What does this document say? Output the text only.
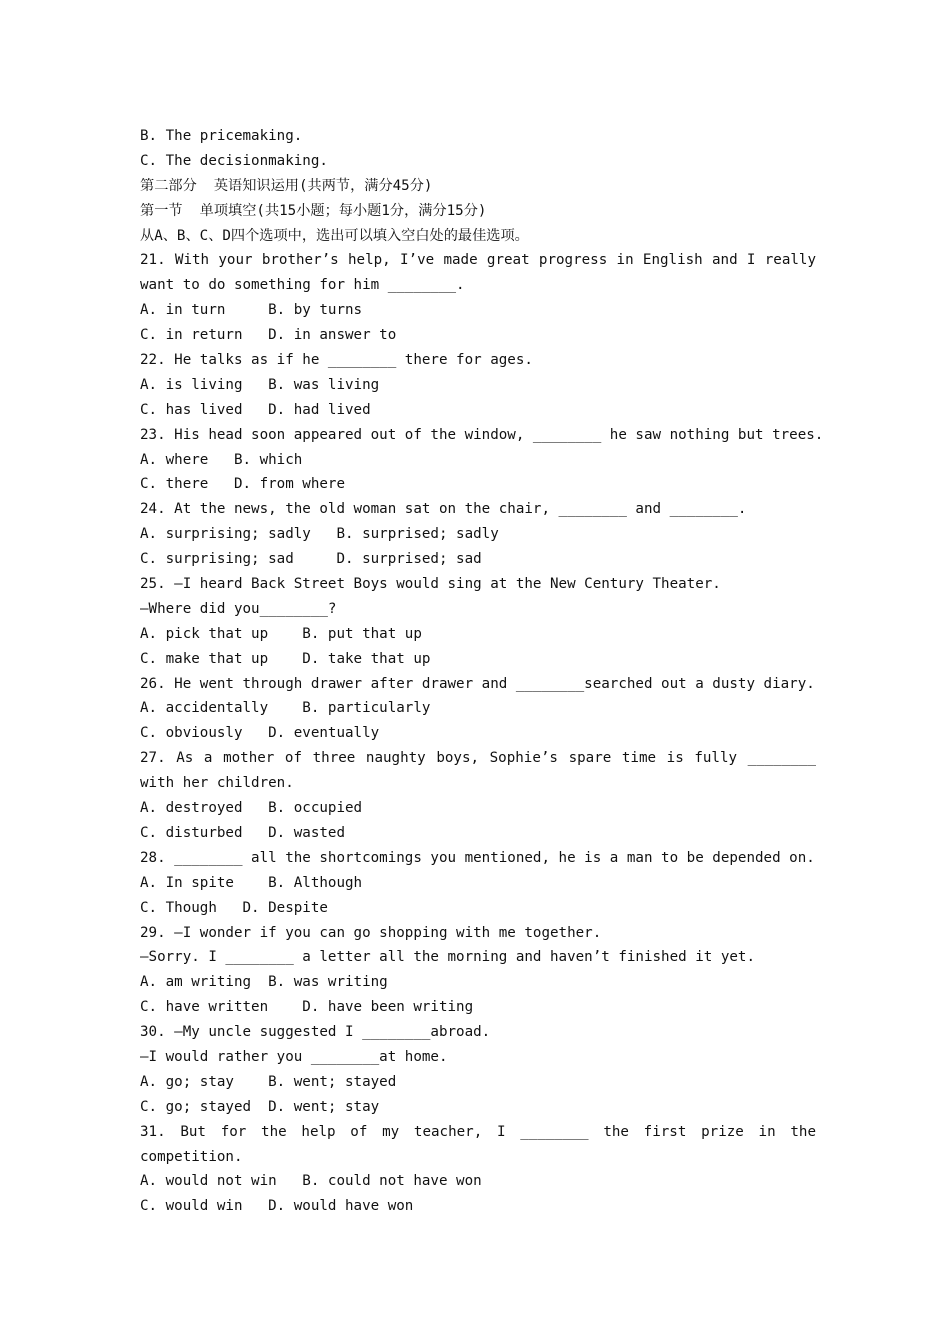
B. The pricemaking.
C. The decisionmaking.
第二部分  英语知识运用(共两节，满分45分)
第一节  单项填空(共15小题；每小题1分，满分15分)
从A、B、C、D四个选项中，选出可以填入空白处的最佳选项。
21. With your brother’s help, I’ve made great progress in English and I really
want to do something for him ________.
A. in turn     B. by turns
C. in return   D. in answer to
22. He talks as if he ________ there for ages.
A. is living   B. was living
C. has lived   D. had lived
23. His head soon appeared out of the window, ________ he saw nothing but trees.
A. where   B. which
C. there   D. from where
24. At the news, the old woman sat on the chair, ________ and ________.
A. surprising; sadly   B. surprised; sadly
C. surprising; sad     D. surprised; sad
25. —I heard Back Street Boys would sing at the New Century Theater.
—Where did you________?
A. pick that up    B. put that up
C. make that up    D. take that up
26. He went through drawer after drawer and ________searched out a dusty diary.
A. accidentally    B. particularly
C. obviously   D. eventually
27. As a mother of three naughty boys, Sophie’s spare time is fully ________
with her children.
A. destroyed   B. occupied
C. disturbed   D. wasted
28. ________ all the shortcomings you mentioned, he is a man to be depended on.
A. In spite    B. Although
C. Though   D. Despite
29. —I wonder if you can go shopping with me together.
—Sorry. I ________ a letter all the morning and haven’t finished it yet.
A. am writing  B. was writing
C. have written    D. have been writing
30. —My uncle suggested I ________abroad.
—I would rather you ________at home.
A. go; stay    B. went; stayed
C. go; stayed  D. went; stay
31. But for the help of my teacher, I ________ the first prize in the
competition.
A. would not win   B. could not have won
C. would win   D. would have won
